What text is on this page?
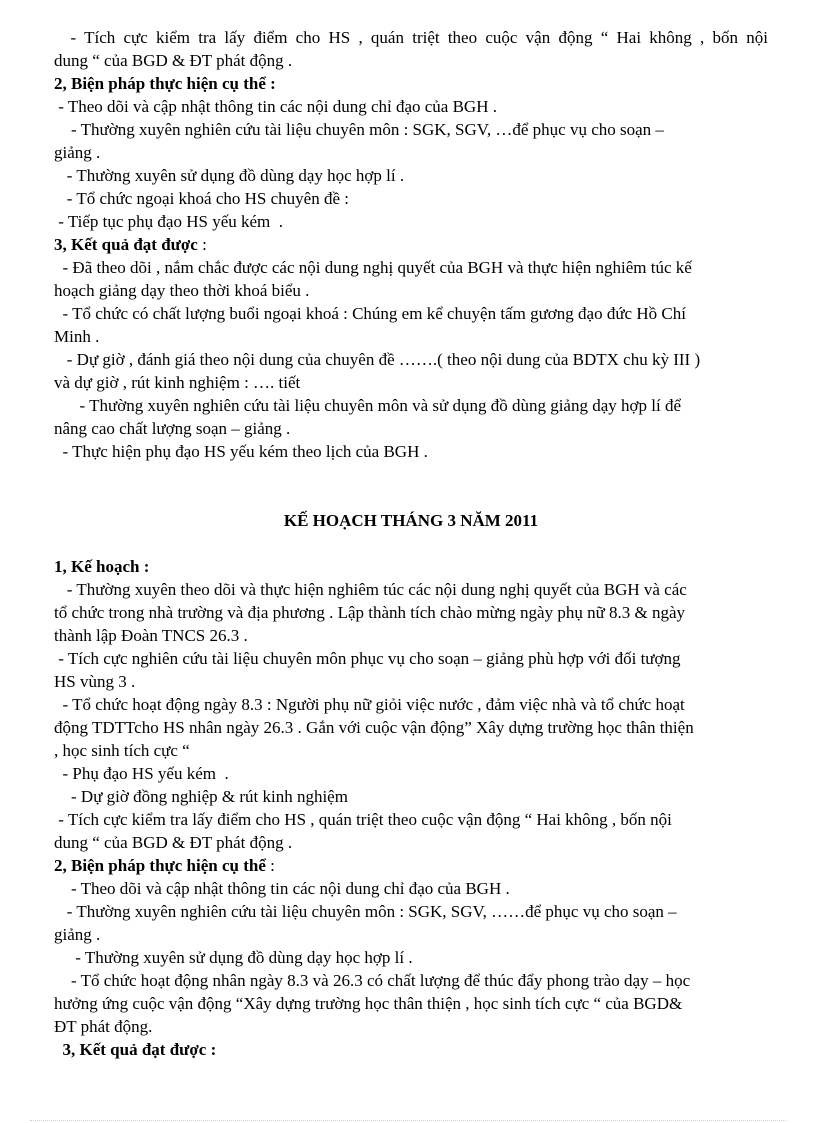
- Tích cực kiểm tra lấy điểm cho HS , quán triệt theo cuộc vận động “ Hai không , bốn nội
dung “ của BGD & ĐT phát động .
2, Biện pháp thực hiện cụ thể :
- Theo dõi và cập nhật thông tin các nội dung chỉ đạo của BGH .
- Thường xuyên nghiên cứu tài liệu chuyên môn : SGK, SGV, …để phục vụ cho soạn –
giảng .
- Thường xuyên sử dụng đồ dùng dạy học hợp lí .
- Tổ chức ngoại khoá cho HS chuyên đề :
- Tiếp tục phụ đạo HS yếu kém  .
3, Kết quả đạt được :
- Đã theo dõi , nắm chắc được các nội dung nghị quyết của BGH và thực hiện nghiêm túc kế
hoạch giảng dạy theo thời khoá biểu .
- Tổ chức có chất lượng buổi ngoại khoá : Chúng em kể chuyện tấm gương đạo đức Hồ Chí
Minh .
- Dự giờ , đánh giá theo nội dung của chuyên đề …….( theo nội dung của BDTX chu kỳ III )
và dự giờ , rút kinh nghiệm : …. tiết
- Thường xuyên nghiên cứu tài liệu chuyên môn và sử dụng đồ dùng giảng dạy hợp lí để
nâng cao chất lượng soạn – giảng .
- Thực hiện phụ đạo HS yếu kém theo lịch của BGH .
KẾ HOẠCH THÁNG 3 NĂM 2011
1, Kế hoạch :
- Thường xuyên theo dõi và thực hiện nghiêm túc các nội dung nghị quyết của BGH và các
tổ chức trong nhà trường và địa phương . Lập thành tích chào mừng ngày phụ nữ 8.3 & ngày
thành lập Đoàn TNCS 26.3 .
- Tích cực nghiên cứu tài liệu chuyên môn phục vụ cho soạn – giảng phù hợp với đối tượng
HS vùng 3 .
- Tổ chức hoạt động ngày 8.3 : Người phụ nữ giỏi việc nước , đảm việc nhà và tổ chức hoạt
động TDTTcho HS nhân ngày 26.3 . Gắn với cuộc vận động” Xây dựng trường học thân thiện
, học sinh tích cực “
- Phụ đạo HS yếu kém  .
- Dự giờ đồng nghiệp & rút kinh nghiệm
- Tích cực kiểm tra lấy điểm cho HS , quán triệt theo cuộc vận động “ Hai không , bốn nội
dung “ của BGD & ĐT phát động .
2, Biện pháp thực hiện cụ thể :
- Theo dõi và cập nhật thông tin các nội dung chỉ đạo của BGH .
- Thường xuyên nghiên cứu tài liệu chuyên môn : SGK, SGV, ……để phục vụ cho soạn –
giảng .
- Thường xuyên sử dụng đồ dùng dạy học hợp lí .
- Tổ chức hoạt động nhân ngày 8.3 và 26.3 có chất lượng để thúc đẩy phong trào dạy – học
hưởng ứng cuộc vận động “Xây dựng trường học thân thiện , học sinh tích cực “ của BGD&
ĐT phát động.
3, Kết quả đạt được :
